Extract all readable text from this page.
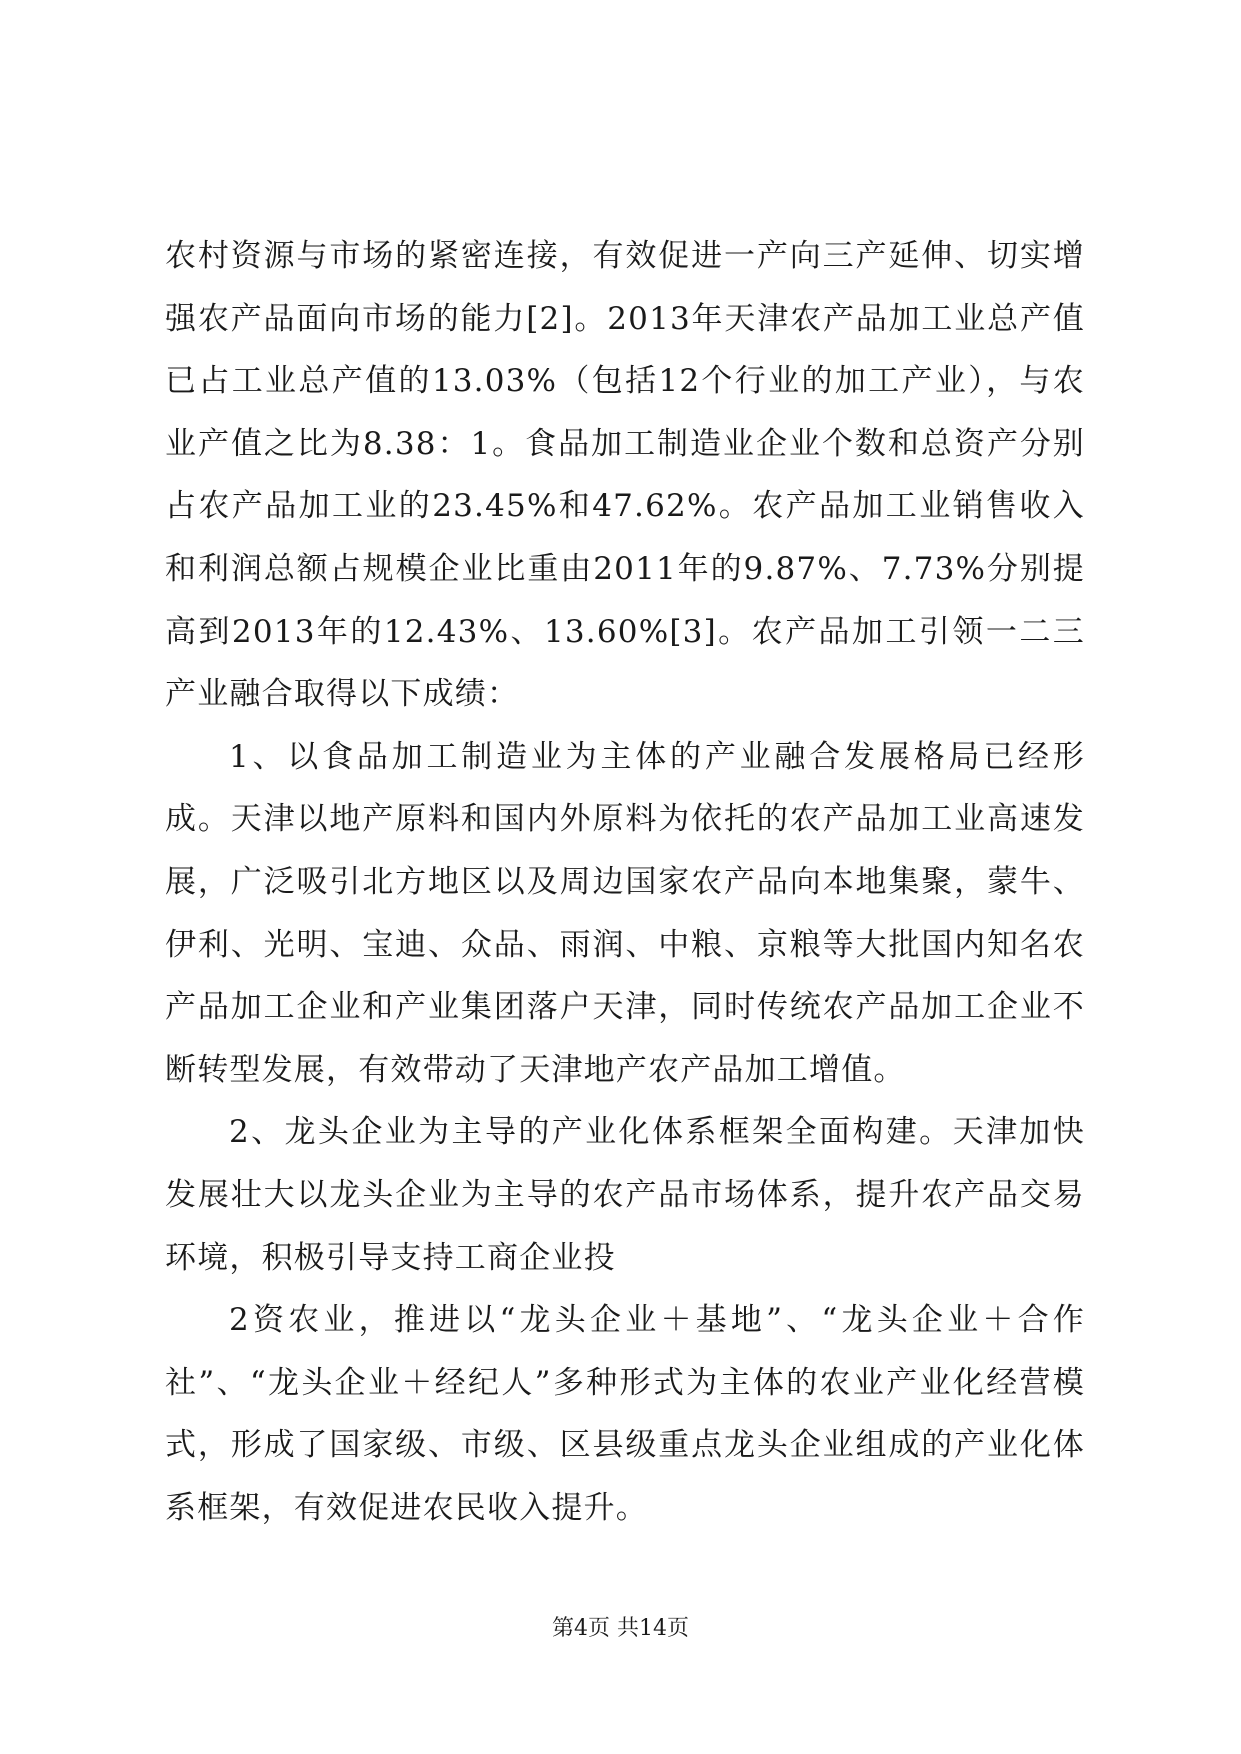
农村资源与市场的紧密连接，有效促进一产向三产延伸、切实增强农产品面向市场的能力[2]。2013年天津农产品加工业总产值已占工业总产值的13.03%（包括12个行业的加工产业），与农业产值之比为8.38：1。食品加工制造业企业个数和总资产分别占农产品加工业的23.45%和47.62%。农产品加工业销售收入和利润总额占规模企业比重由2011年的9.87%、7.73%分别提高到2013年的12.43%、13.60%[3]。农产品加工引领一二三产业融合取得以下成绩：

1、以食品加工制造业为主体的产业融合发展格局已经形成。天津以地产原料和国内外原料为依托的农产品加工业高速发展，广泛吸引北方地区以及周边国家农产品向本地集聚，蒙牛、伊利、光明、宝迪、众品、雨润、中粮、京粮等大批国内知名农产品加工企业和产业集团落户天津，同时传统农产品加工企业不断转型发展，有效带动了天津地产农产品加工增值。

2、龙头企业为主导的产业化体系框架全面构建。天津加快发展壮大以龙头企业为主导的农产品市场体系，提升农产品交易环境，积极引导支持工商企业投

2资农业，推进以“龙头企业＋基地”、“龙头企业＋合作社”、“龙头企业＋经纪人”多种形式为主体的农业产业化经营模式，形成了国家级、市级、区县级重点龙头企业组成的产业化体系框架，有效促进农民收入提升。

第4页 共14页
